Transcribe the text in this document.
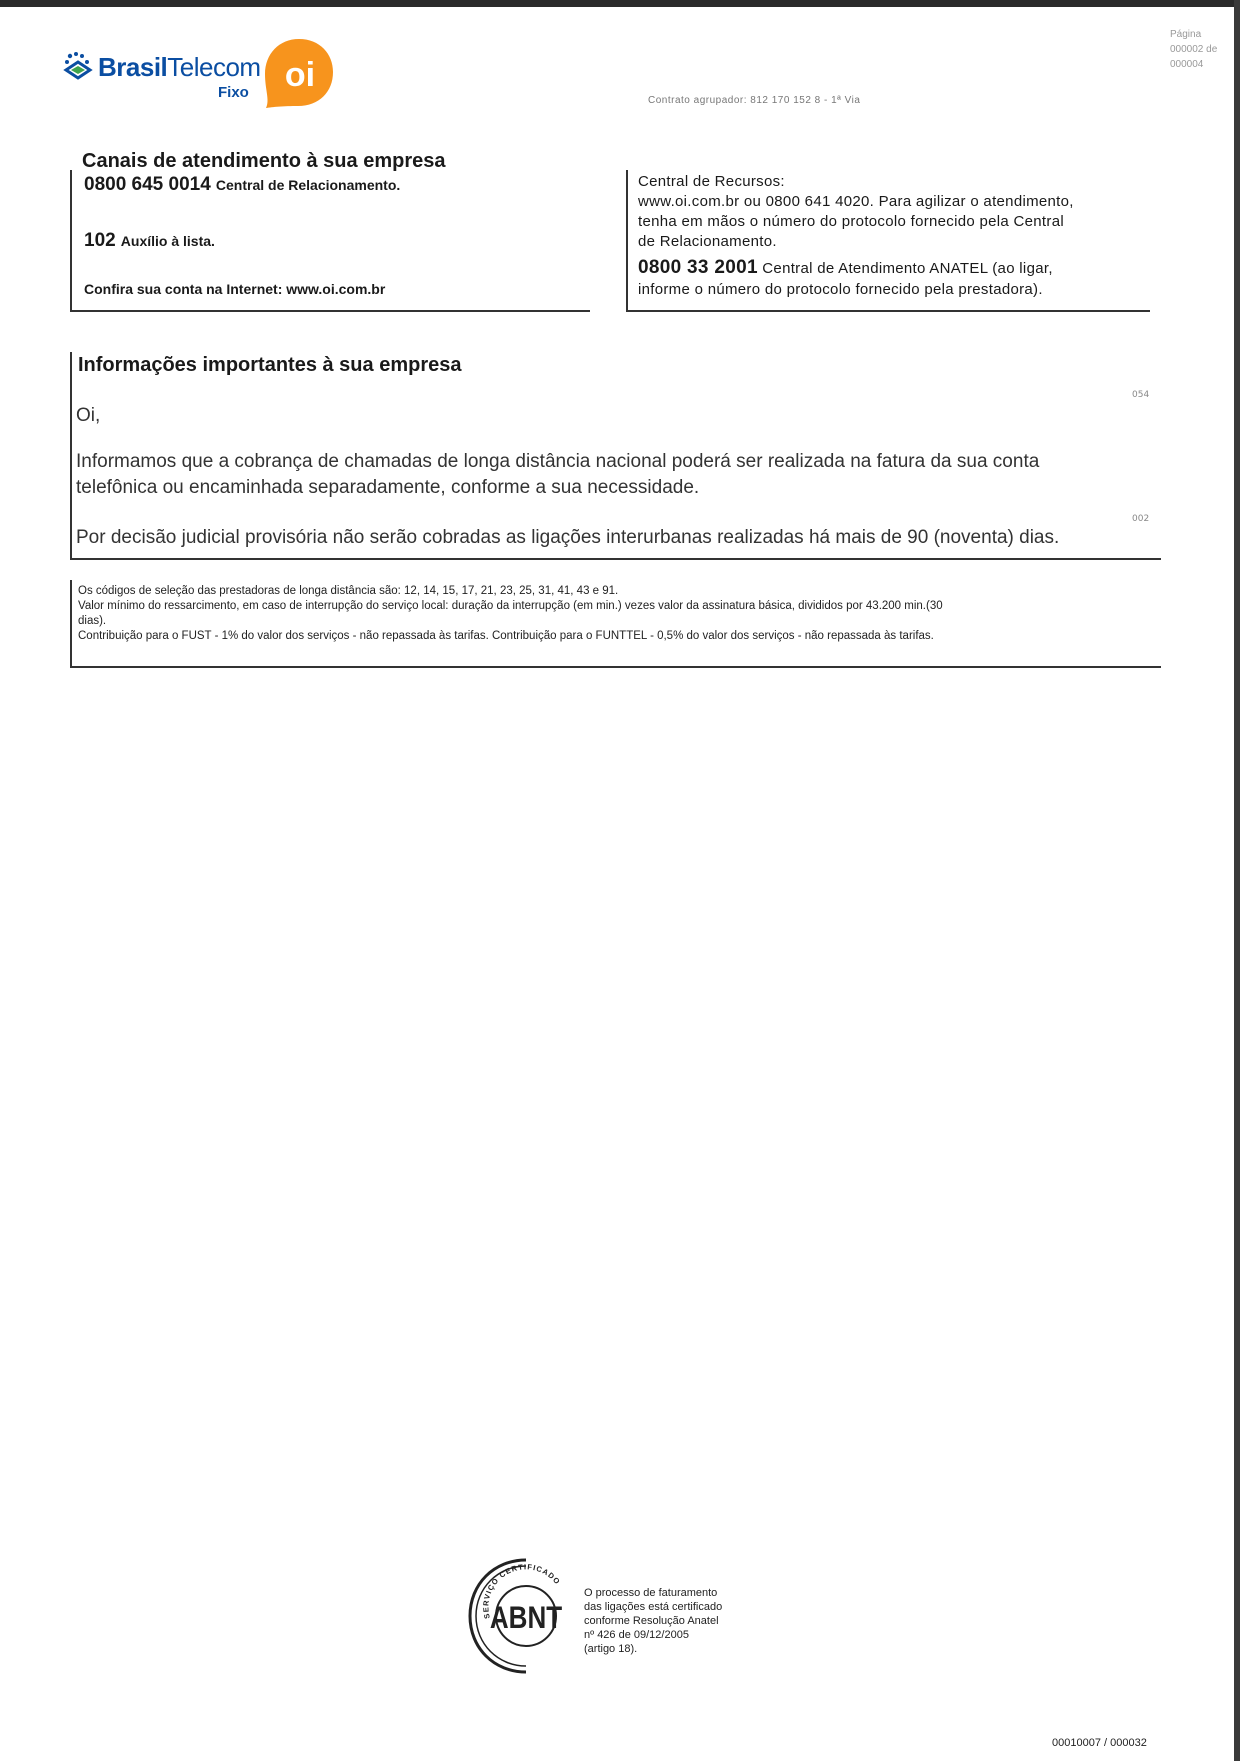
BrasilTelecom
Fixo oi
Página
000002 de
000004
Contrato agrupador: 812 170 152 8 - 1ª Via
Canais de atendimento à sua empresa
0800 645 0014 Central de Relacionamento.
102 Auxílio à lista.
Confira sua conta na Internet: www.oi.com.br
Central de Recursos:
www.oi.com.br ou 0800 641 4020. Para agilizar o atendimento,
tenha em mãos o número do protocolo fornecido pela Central
de Relacionamento.
0800 33 2001 Central de Atendimento ANATEL (ao ligar,
informe o número do protocolo fornecido pela prestadora).
Informações importantes à sua empresa
054
Oi,
Informamos que a cobrança de chamadas de longa distância nacional poderá ser realizada na fatura da sua conta
telefônica ou encaminhada separadamente, conforme a sua necessidade.
002
Por decisão judicial provisória não serão cobradas as ligações interurbanas realizadas há mais de 90 (noventa) dias.
Os códigos de seleção das prestadoras de longa distância são: 12, 14, 15, 17, 21, 23, 25, 31, 41, 43 e 91.
Valor mínimo do ressarcimento, em caso de interrupção do serviço local: duração da interrupção (em min.) vezes valor da assinatura básica, divididos por 43.200 min.(30
dias).
Contribuição para o FUST - 1% do valor dos serviços - não repassada às tarifas. Contribuição para o FUNTTEL - 0,5% do valor dos serviços - não repassada às tarifas.
SERVIÇO CERTIFICADO
ABNT
O processo de faturamento
das ligações está certificado
conforme Resolução Anatel
nº 426 de 09/12/2005
(artigo 18).
00010007 / 000032
